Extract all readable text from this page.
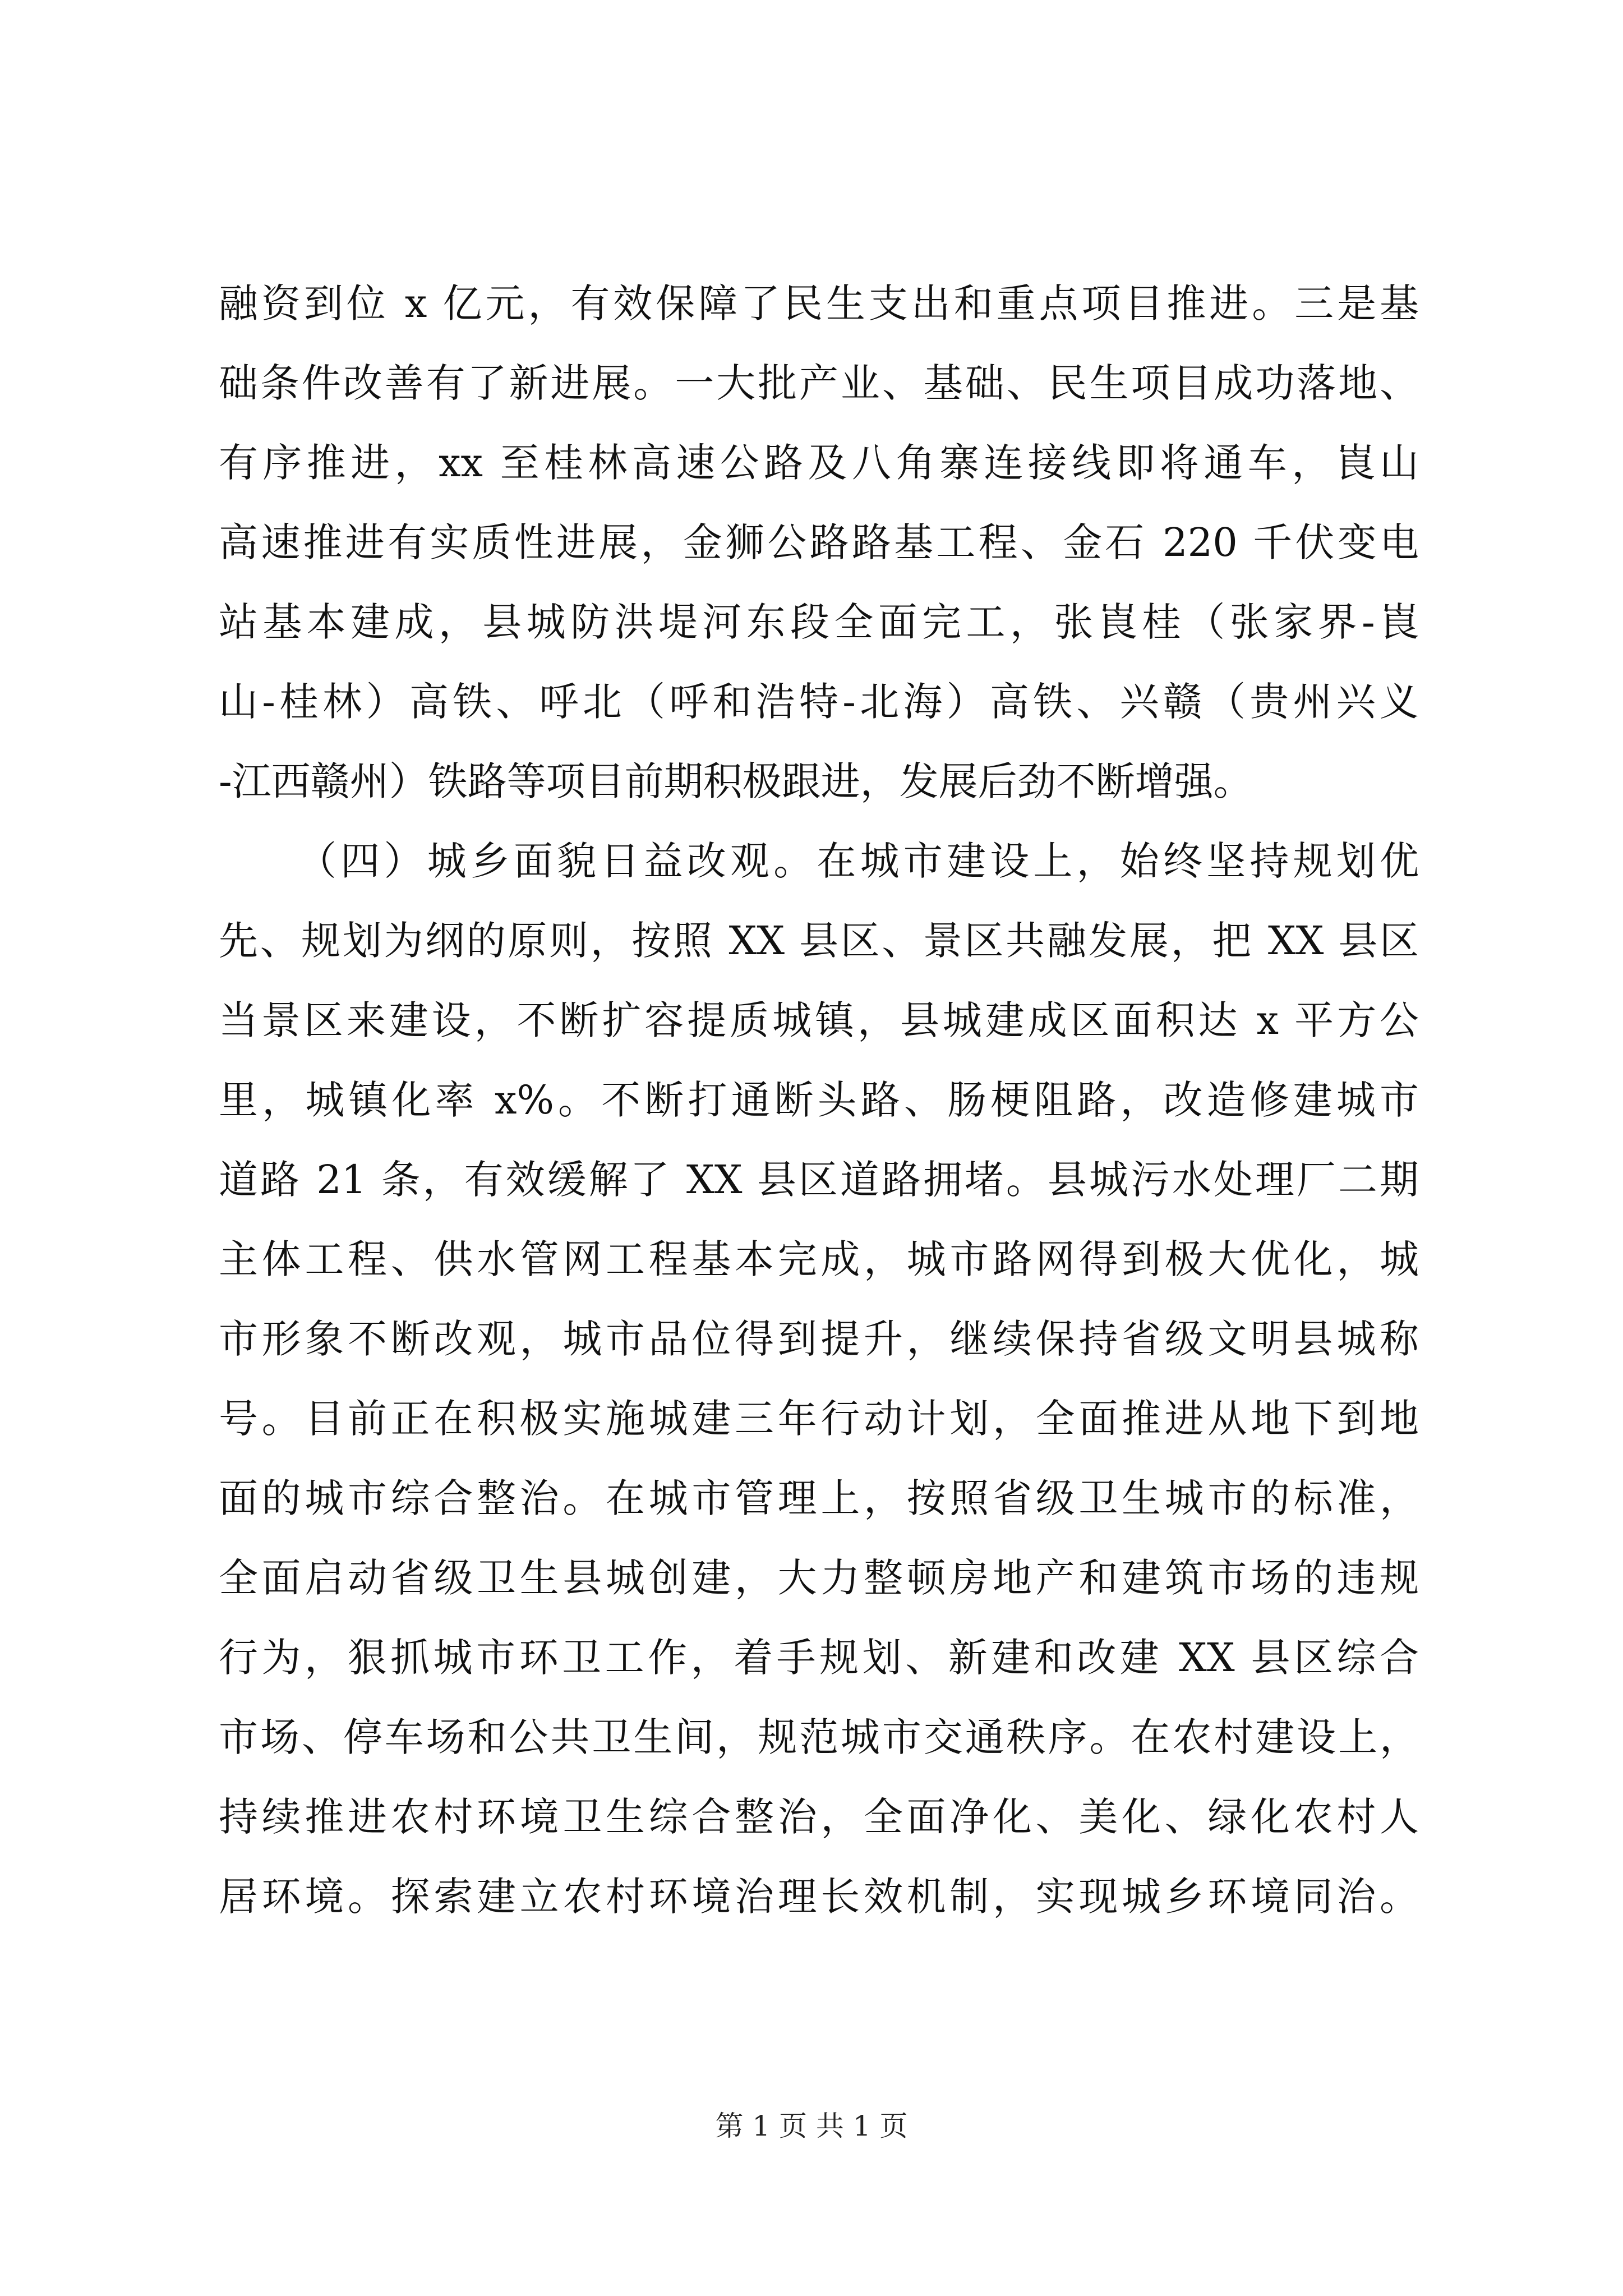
融资到位 x 亿元，有效保障了民生支出和重点项目推进。三是基
础条件改善有了新进展。一大批产业、基础、民生项目成功落地、
有序推进，xx 至桂林高速公路及八角寨连接线即将通车，崀山
高速推进有实质性进展，金狮公路路基工程、金石 220 千伏变电
站基本建成，县城防洪堤河东段全面完工，张崀桂（张家界-崀
山-桂林）高铁、呼北（呼和浩特-北海）高铁、兴赣（贵州兴义
-江西赣州）铁路等项目前期积极跟进，发展后劲不断增强。
（四）城乡面貌日益改观。在城市建设上，始终坚持规划优
先、规划为纲的原则，按照 XX 县区、景区共融发展，把 XX 县区
当景区来建设，不断扩容提质城镇，县城建成区面积达 x 平方公
里，城镇化率 x%。不断打通断头路、肠梗阻路，改造修建城市
道路 21 条，有效缓解了 XX 县区道路拥堵。县城污水处理厂二期
主体工程、供水管网工程基本完成，城市路网得到极大优化，城
市形象不断改观，城市品位得到提升，继续保持省级文明县城称
号。目前正在积极实施城建三年行动计划，全面推进从地下到地
面的城市综合整治。在城市管理上，按照省级卫生城市的标准，
全面启动省级卫生县城创建，大力整顿房地产和建筑市场的违规
行为，狠抓城市环卫工作，着手规划、新建和改建 XX 县区综合
市场、停车场和公共卫生间，规范城市交通秩序。在农村建设上，
持续推进农村环境卫生综合整治，全面净化、美化、绿化农村人
居环境。探索建立农村环境治理长效机制，实现城乡环境同治。
第 1 页 共 1 页
